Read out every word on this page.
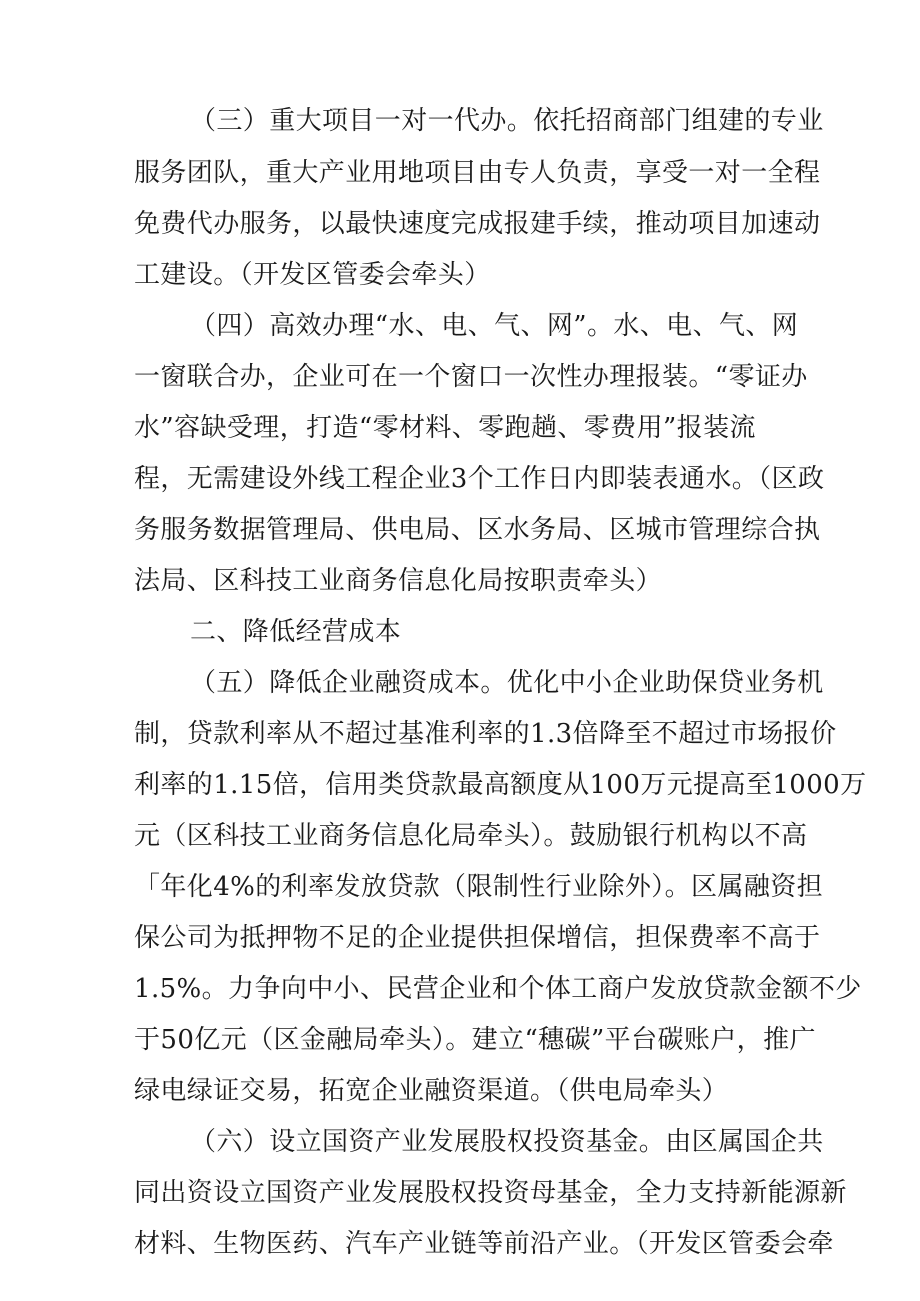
（三）重大项目一对一代办。依托招商部门组建的专业
服务团队，重大产业用地项目由专人负责，享受一对一全程
免费代办服务，以最快速度完成报建手续，推动项目加速动
工建设。（开发区管委会牵头）
（四）高效办理“水、电、气、网”。水、电、气、网
一窗联合办，企业可在一个窗口一次性办理报装。“零证办
水”容缺受理，打造“零材料、零跑趟、零费用”报装流
程，无需建设外线工程企业3个工作日内即装表通水。（区政
务服务数据管理局、供电局、区水务局、区城市管理综合执
法局、区科技工业商务信息化局按职责牵头）
二、降低经营成本
（五）降低企业融资成本。优化中小企业助保贷业务机
制，贷款利率从不超过基准利率的1.3倍降至不超过市场报价
利率的1.15倍，信用类贷款最高额度从100万元提高至1000万
元（区科技工业商务信息化局牵头）。鼓励银行机构以不高
「年化4%的利率发放贷款（限制性行业除外）。区属融资担
保公司为抵押物不足的企业提供担保增信，担保费率不高于
1.5%。力争向中小、民营企业和个体工商户发放贷款金额不少
于50亿元（区金融局牵头）。建立“穗碳”平台碳账户，推广
绿电绿证交易，拓宽企业融资渠道。（供电局牵头）
（六）设立国资产业发展股权投资基金。由区属国企共
同出资设立国资产业发展股权投资母基金，全力支持新能源新
材料、生物医药、汽车产业链等前沿产业。（开发区管委会牵
